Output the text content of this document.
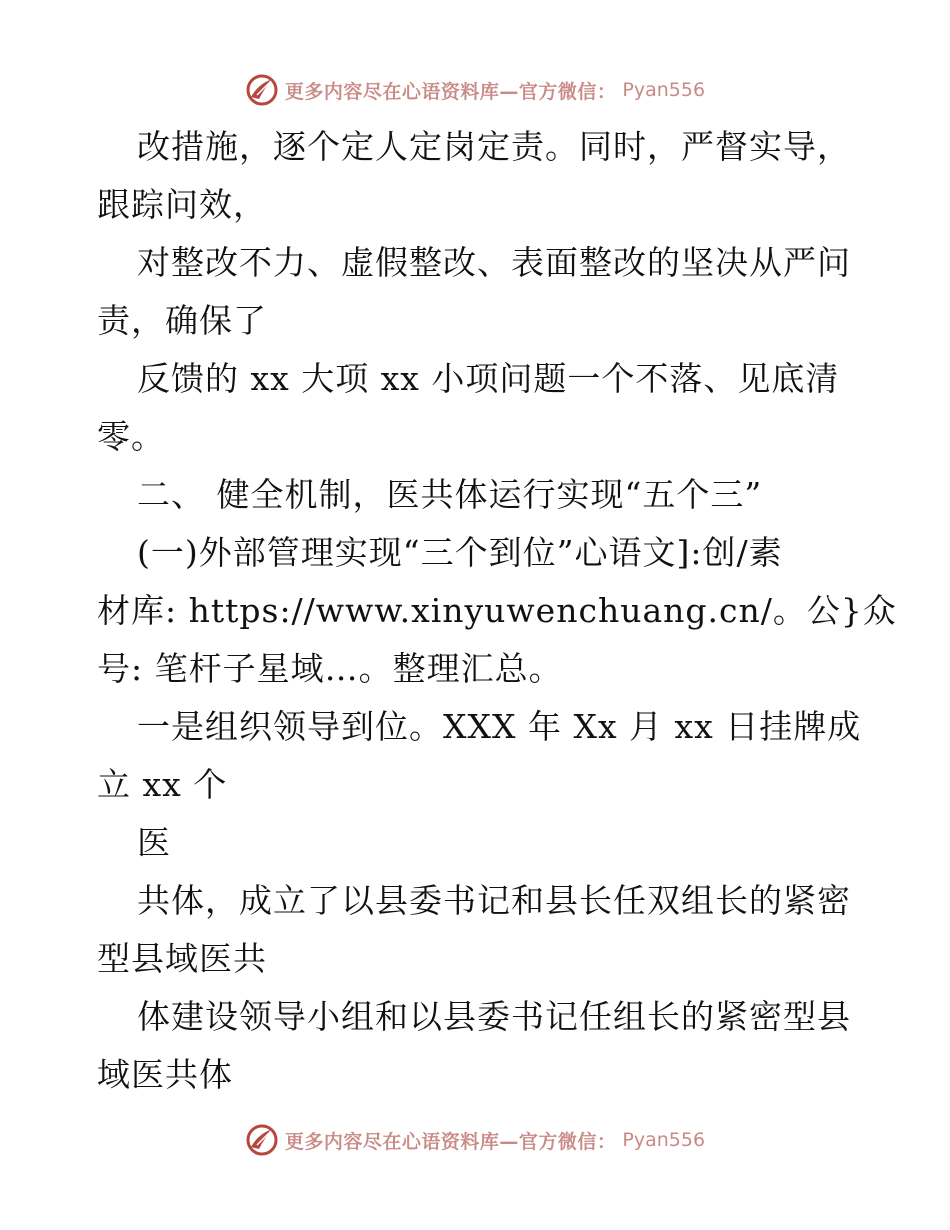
更多内容尽在心语资料库—官方微信： Pyan556
改措施，逐个定人定岗定责。同时，严督实导，
跟踪问效，
对整改不力、虚假整改、表面整改的坚决从严问
责，确保了
反馈的 xx 大项 xx 小项问题一个不落、见底清
零。
二、 健全机制，医共体运行实现“五个三”
(一)外部管理实现“三个到位”心语文]:创/素
材库: https://www.xinyuwenchuang.cn/。公}众
号: 笔杆子星域…。整理汇总。
一是组织领导到位。XXX 年 Xx 月 xx 日挂牌成
立 xx 个
医
共体，成立了以县委书记和县长任双组长的紧密
型县域医共
体建设领导小组和以县委书记任组长的紧密型县
域医共体
更多内容尽在心语资料库—官方微信： Pyan556
